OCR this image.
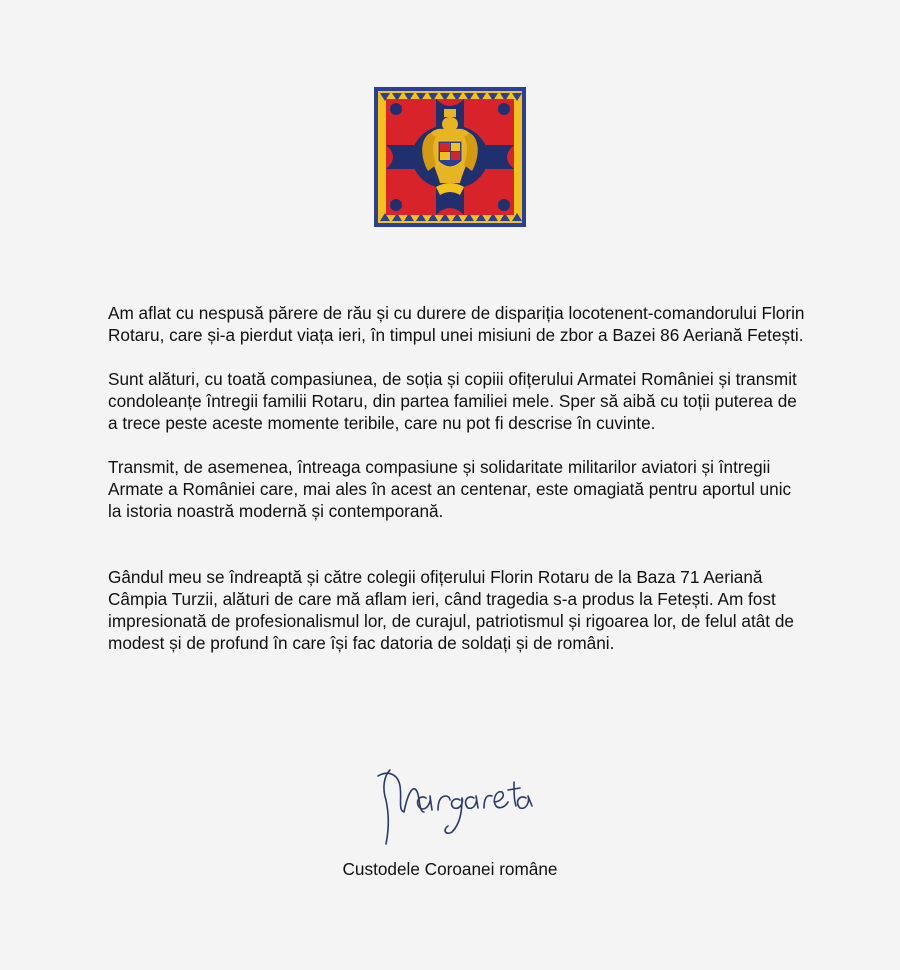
Am aflat cu nespusă părere de rău și cu durere de dispariția locotenent-comandorului Florin Rotaru, care și-a pierdut viața ieri, în timpul unei misiuni de zbor a Bazei 86 Aeriană Fetești.

Sunt alături, cu toată compasiunea, de soția și copiii ofițerului Armatei României și transmit condoleanțe întregii familii Rotaru, din partea familiei mele. Sper să aibă cu toții puterea de a trece peste aceste momente teribile, care nu pot fi descrise în cuvinte.

Transmit, de asemenea, întreaga compasiune și solidaritate militarilor aviatori și întregii Armate a României care, mai ales în acest an centenar, este omagiată pentru aportul unic la istoria noastră modernă și contemporană.

Gândul meu se îndreaptă și către colegii ofițerului Florin Rotaru de la Baza 71 Aeriană Câmpia Turzii, alături de care mă aflam ieri, când tragedia s-a produs la Fetești. Am fost impresionată de profesionalismul lor, de curajul, patriotismul și rigoarea lor, de felul atât de modest și de profund în care își fac datoria de soldați și de români.

Custodele Coroanei române
